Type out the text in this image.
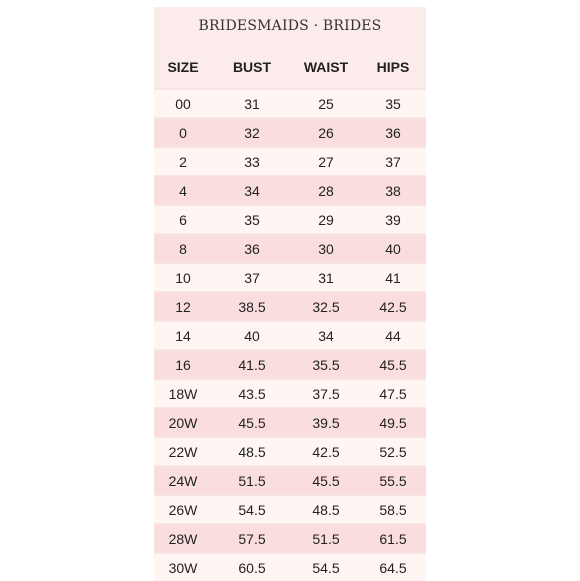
BRIDESMAIDS · BRIDES
SIZE	BUST	WAIST	HIPS
00	31	25	35
0	32	26	36
2	33	27	37
4	34	28	38
6	35	29	39
8	36	30	40
10	37	31	41
12	38.5	32.5	42.5
14	40	34	44
16	41.5	35.5	45.5
18W	43.5	37.5	47.5
20W	45.5	39.5	49.5
22W	48.5	42.5	52.5
24W	51.5	45.5	55.5
26W	54.5	48.5	58.5
28W	57.5	51.5	61.5
30W	60.5	54.5	64.5
